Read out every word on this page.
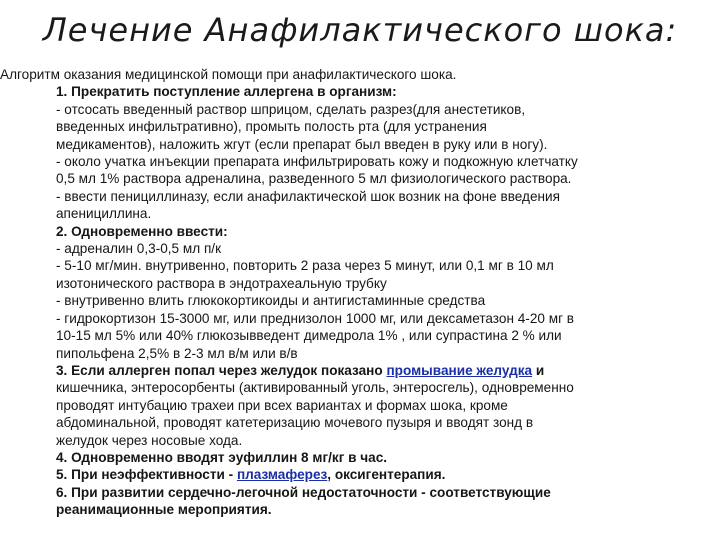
Лечение Анафилактического шока:
Алгоритм оказания медицинской помощи при анафилактического шока.
1. Прекратить поступление аллергена в организм:
- отсосать введенный раствор шприцом, сделать разрез(для анестетиков,
введенных инфильтративно), промыть полость рта (для устранения
медикаментов), наложить жгут (если препарат был введен в руку или в ногу).
- около учатка инъекции препарата инфильтрировать кожу и подкожную клетчатку
0,5 мл 1% раствора адреналина, разведенного 5 мл физиологического раствора.
- ввести пенициллиназу, если анафилактической шок возник на фоне введения
апенициллина.
2. Одновременно ввести:
- адреналин 0,3-0,5 мл п/к
- 5-10 мг/мин. внутривенно, повторить 2 раза через 5 минут, или 0,1 мг в 10 мл
изотонического раствора в эндотрахеальную трубку
- внутривенно влить глюкокортикоиды и антигистаминные средства
- гидрокортизон 15-3000 мг, или преднизолон 1000 мг, или дексаметазон 4-20 мг в
10-15 мл 5% или 40% глюкозывведент димедрола 1% , или супрастина 2 % или
пипольфена 2,5% в 2-3 мл в/м или в/в
3. Если аллерген попал через желудок показано промывание желудка и
кишечника, энтеросорбенты (активированный уголь, энтеросгель), одновременно
проводят интубацию трахеи при всех вариантах и формах шока, кроме
абдоминальной, проводят катетеризацию мочевого пузыря и вводят зонд в
желудок через носовые хода.
4. Одновременно вводят эуфиллин 8 мг/кг в час.
5. При неэффективности - плазмаферез, оксигентерапия.
6. При развитии сердечно-легочной недостаточности - соответствующие
реанимационные мероприятия.
